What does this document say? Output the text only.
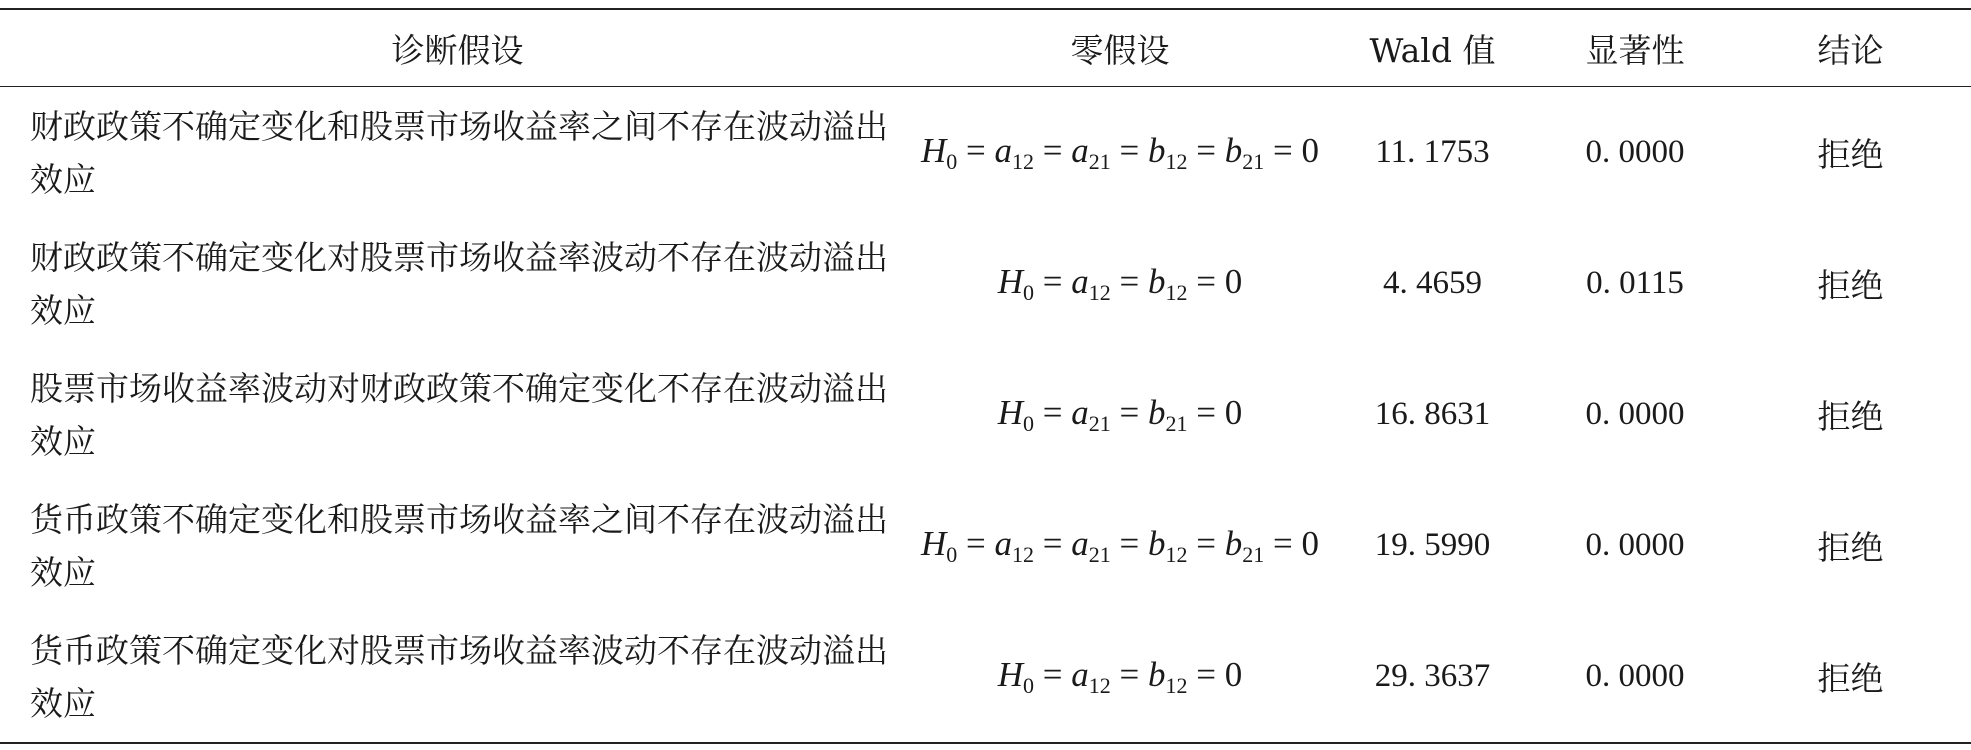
诊断假设	零假设	Wald 值	显著性	结论
财政政策不确定变化和股票市场收益率之间不存在波动溢出效应	$H_0 = a_{12} = a_{21} = b_{12} = b_{21} = 0$	11. 1753	0. 0000	拒绝
财政政策不确定变化对股票市场收益率波动不存在波动溢出效应	$H_0 = a_{12} = b_{12} = 0$	4. 4659	0. 0115	拒绝
股票市场收益率波动对财政政策不确定变化不存在波动溢出效应	$H_0 = a_{21} = b_{21} = 0$	16. 8631	0. 0000	拒绝
货币政策不确定变化和股票市场收益率之间不存在波动溢出效应	$H_0 = a_{12} = a_{21} = b_{12} = b_{21} = 0$	19. 5990	0. 0000	拒绝
货币政策不确定变化对股票市场收益率波动不存在波动溢出效应	$H_0 = a_{12} = b_{12} = 0$	29. 3637	0. 0000	拒绝
